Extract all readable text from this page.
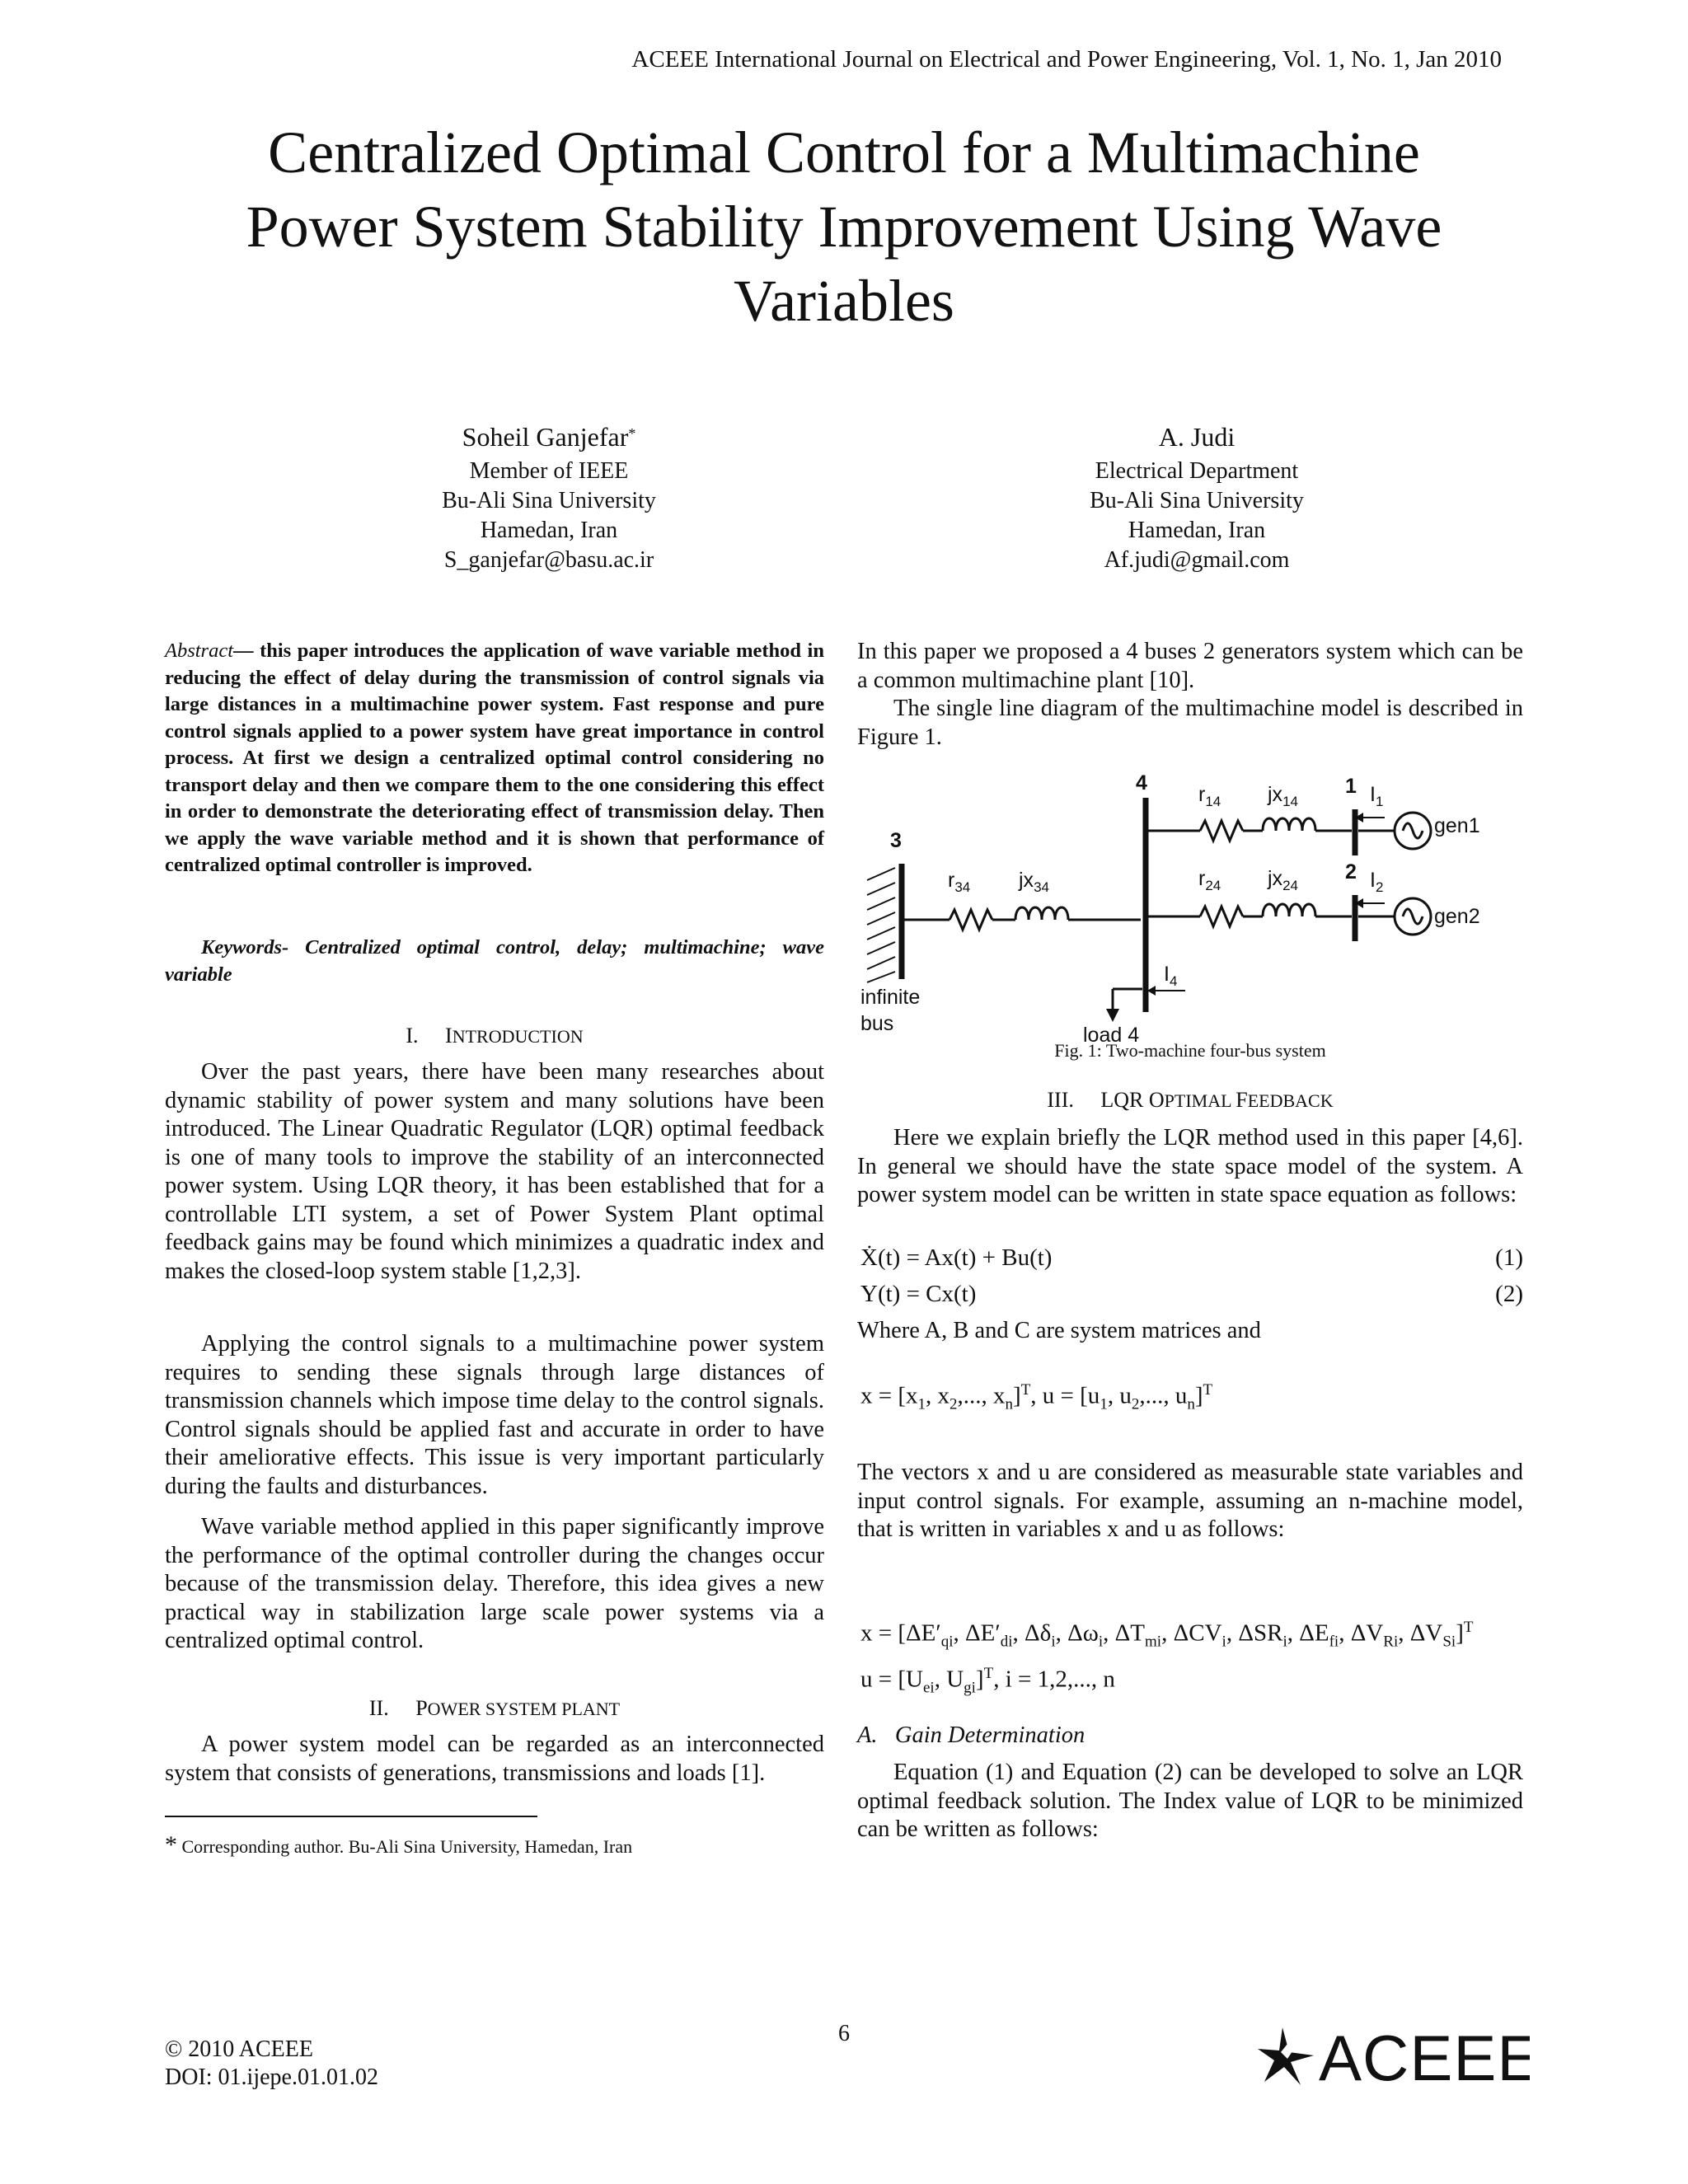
ACEEE International Journal on Electrical and Power Engineering, Vol. 1, No. 1, Jan 2010
Centralized Optimal Control for a Multimachine
Power System Stability Improvement Using Wave
Variables
Soheil Ganjefar*
Member of IEEE
Bu-Ali Sina University
Hamedan, Iran
S_ganjefar@basu.ac.ir
A. Judi
Electrical Department
Bu-Ali Sina University
Hamedan, Iran
Af.judi@gmail.com
Abstract— this paper introduces the application of wave variable method in reducing the effect of delay during the transmission of control signals via large distances in a multimachine power system. Fast response and pure control signals applied to a power system have great importance in control process. At first we design a centralized optimal control considering no transport delay and then we compare them to the one considering this effect in order to demonstrate the deteriorating effect of transmission delay. Then we apply the wave variable method and it is shown that performance of centralized optimal controller is improved.
Keywords- Centralized optimal control, delay; multimachine; wave variable
I. INTRODUCTION
Over the past years, there have been many researches about dynamic stability of power system and many solutions have been introduced. The Linear Quadratic Regulator (LQR) optimal feedback is one of many tools to improve the stability of an interconnected power system. Using LQR theory, it has been established that for a controllable LTI system, a set of Power System Plant optimal feedback gains may be found which minimizes a quadratic index and makes the closed-loop system stable [1,2,3].
Applying the control signals to a multimachine power system requires to sending these signals through large distances of transmission channels which impose time delay to the control signals. Control signals should be applied fast and accurate in order to have their ameliorative effects. This issue is very important particularly during the faults and disturbances.
Wave variable method applied in this paper significantly improve the performance of the optimal controller during the changes occur because of the transmission delay. Therefore, this idea gives a new practical way in stabilization large scale power systems via a centralized optimal control.
II. POWER SYSTEM PLANT
A power system model can be regarded as an interconnected system that consists of generations, transmissions and loads [1].
* Corresponding author. Bu-Ali Sina University, Hamedan, Iran
In this paper we proposed a 4 buses 2 generators system which can be a common multimachine plant [10].
The single line diagram of the multimachine model is described in Figure 1.
3
4	1
2
$r_{34}$ $jx_{34}$
$r_{14}$ $jx_{14}$
$r_{24}$ $jx_{24}$
$I_1$
$I_2$
$I_4$
gen1
gen2
infinite
bus	load 4
Fig. 1: Two-machine four-bus system
III. LQR OPTIMAL FEEDBACK
Here we explain briefly the LQR method used in this paper [4,6]. In general we should have the state space model of the system. A power system model can be written in state space equation as follows:
Ẋ(t) = Ax(t) + Bu(t)	(1)
Y(t) = Cx(t)	(2)
Where A, B and C are system matrices and
$x = [x_1$, $x_2$,..., $x_n]^T$, $u = [u_1$, $u_2$,..., $u_n]^T$
The vectors x and u are considered as measurable state variables and input control signals. For example, assuming an n-machine model, that is written in variables x and u as follows:
$x = [\Delta E'_{qi}$, $\Delta E'_{di}$, $\Delta\delta_i$, $\Delta\omega_i$, $\Delta T_{mi}$, $\Delta CV_i$, $\Delta SR_i$, $\Delta E_{fi}$, $\Delta V_{Ri}$, $\Delta V_{Si}]^T$
$u = [U_{ei}$, $U_{gi}]^T$, i = 1,2,..., n
A. Gain Determination
Equation (1) and Equation (2) can be developed to solve an LQR optimal feedback solution. The Index value of LQR to be minimized can be written as follows:
6
© 2010 ACEEE
DOI: 01.ijepe.01.01.02	ACEEE
